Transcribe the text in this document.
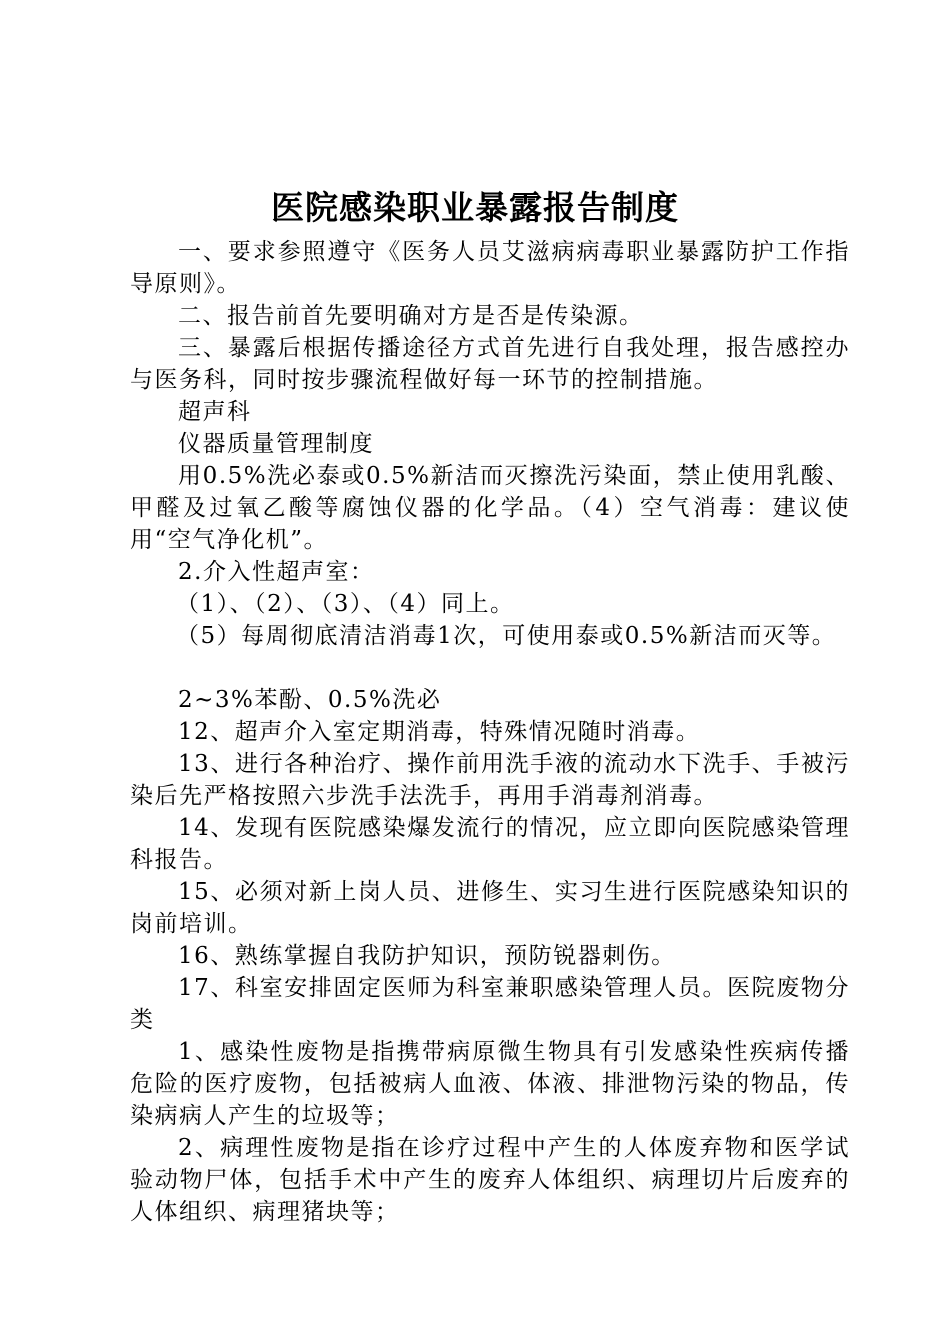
医院感染职业暴露报告制度

一、要求参照遵守《医务人员艾滋病病毒职业暴露防护工作指导原则》。

二、报告前首先要明确对方是否是传染源。

三、暴露后根据传播途径方式首先进行自我处理，报告感控办与医务科，同时按步骤流程做好每一环节的控制措施。

超声科

仪器质量管理制度

用0.5%洗必泰或0.5%新洁而灭擦洗污染面，禁止使用乳酸、甲醛及过氧乙酸等腐蚀仪器的化学品。（4）空气消毒：建议使用“空气净化机”。

2.介入性超声室：

（1）、（2）、（3）、（4）同上。

（5）每周彻底清洁消毒1次，可使用泰或0.5%新洁而灭等。

2~3%苯酚、0.5%洗必

12、超声介入室定期消毒，特殊情况随时消毒。

13、进行各种治疗、操作前用洗手液的流动水下洗手、手被污染后先严格按照六步洗手法洗手，再用手消毒剂消毒。

14、发现有医院感染爆发流行的情况，应立即向医院感染管理科报告。

15、必须对新上岗人员、进修生、实习生进行医院感染知识的岗前培训。

16、熟练掌握自我防护知识，预防锐器刺伤。

17、科室安排固定医师为科室兼职感染管理人员。医院废物分类

1、感染性废物是指携带病原微生物具有引发感染性疾病传播危险的医疗废物，包括被病人血液、体液、排泄物污染的物品，传染病病人产生的垃圾等；

2、病理性废物是指在诊疗过程中产生的人体废弃物和医学试验动物尸体，包括手术中产生的废弃人体组织、病理切片后废弃的人体组织、病理猪块等；
